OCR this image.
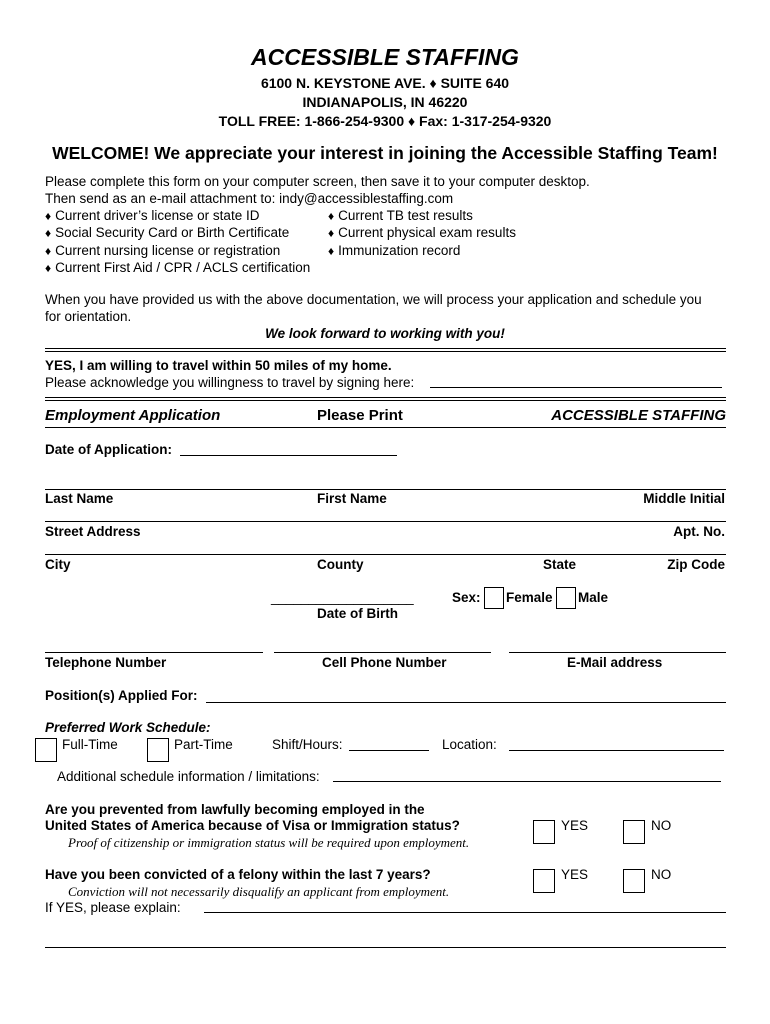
ACCESSIBLE STAFFING
6100 N. KEYSTONE AVE. ♦ SUITE 640
INDIANAPOLIS, IN 46220
TOLL FREE: 1-866-254-9300 ♦ Fax: 1-317-254-9320
WELCOME! We appreciate your interest in joining the Accessible Staffing Team!
Please complete this form on your computer screen, then save it to your computer desktop.
Then send as an e-mail attachment to: indy@accessiblestaffing.com
♦ Current driver’s license or state ID
♦ Social Security Card or Birth Certificate
♦ Current nursing license or registration
♦ Current First Aid / CPR / ACLS certification
♦ Current TB test results
♦ Current physical exam results
♦ Immunization record
When you have provided us with the above documentation, we will process your application and schedule you
for orientation.
We look forward to working with you!
YES, I am willing to travel within 50 miles of my home.
Please acknowledge you willingness to travel by signing here:
Employment Application	Please Print	ACCESSIBLE STAFFING
Date of Application:
Last Name	First Name	Middle Initial
Street Address	Apt. No.
City	County	State	Zip Code
___________________
Date of Birth
Sex: Female Male
Telephone Number	Cell Phone Number	E-Mail address
Position(s) Applied For:
Preferred Work Schedule:
Full-Time	Part-Time	Shift/Hours:	Location:
Additional schedule information / limitations:
Are you prevented from lawfully becoming employed in the
United States of America because of Visa or Immigration status?
Proof of citizenship or immigration status will be required upon employment.
YES	NO
Have you been convicted of a felony within the last 7 years?
Conviction will not necessarily disqualify an applicant from employment.
YES	NO
If YES, please explain:
